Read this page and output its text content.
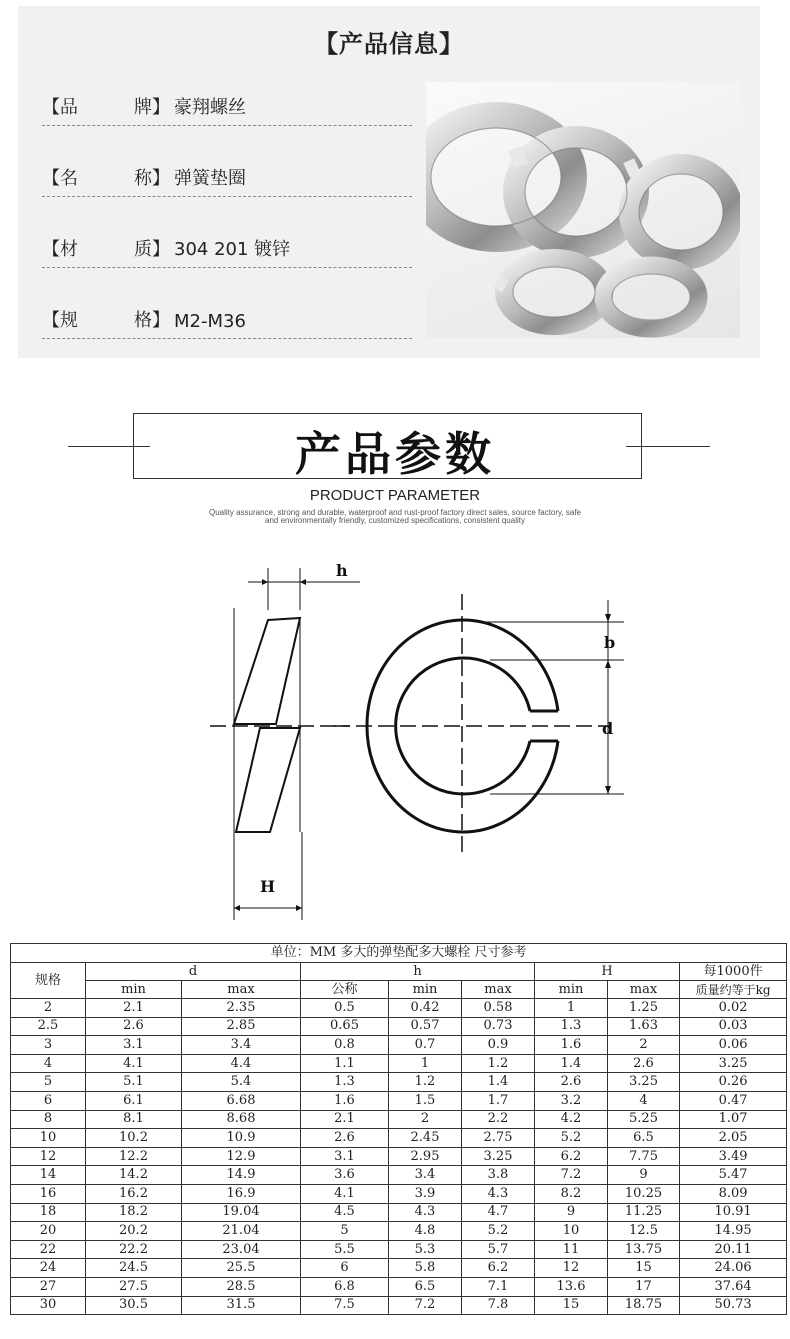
【产品信息】
【品	牌】 豪翔螺丝
【名	称】 弹簧垫圈
【材	质】 304 201 镀锌
【规	格】 M2-M36
产品参数
PRODUCT PARAMETER
Quality assurance, strong and durable, waterproof and rust-proof factory direct sales, source factory, safe
and environmentally friendly, customized specifications, consistent quality
h
H
b
d
单位：MM 多大的弹垫配多大螺栓 尺寸参考								
规格	d		h			H		每1000件
	min	max	公称	min	max	min	max	质量约等于kg
2	2.1	2.35	0.5	0.42	0.58	1	1.25	0.02
2.5	2.6	2.85	0.65	0.57	0.73	1.3	1.63	0.03
3	3.1	3.4	0.8	0.7	0.9	1.6	2	0.06
4	4.1	4.4	1.1	1	1.2	1.4	2.6	3.25
5	5.1	5.4	1.3	1.2	1.4	2.6	3.25	0.26
6	6.1	6.68	1.6	1.5	1.7	3.2	4	0.47
8	8.1	8.68	2.1	2	2.2	4.2	5.25	1.07
10	10.2	10.9	2.6	2.45	2.75	5.2	6.5	2.05
12	12.2	12.9	3.1	2.95	3.25	6.2	7.75	3.49
14	14.2	14.9	3.6	3.4	3.8	7.2	9	5.47
16	16.2	16.9	4.1	3.9	4.3	8.2	10.25	8.09
18	18.2	19.04	4.5	4.3	4.7	9	11.25	10.91
20	20.2	21.04	5	4.8	5.2	10	12.5	14.95
22	22.2	23.04	5.5	5.3	5.7	11	13.75	20.11
24	24.5	25.5	6	5.8	6.2	12	15	24.06
27	27.5	28.5	6.8	6.5	7.1	13.6	17	37.64
30	30.5	31.5	7.5	7.2	7.8	15	18.75	50.73
